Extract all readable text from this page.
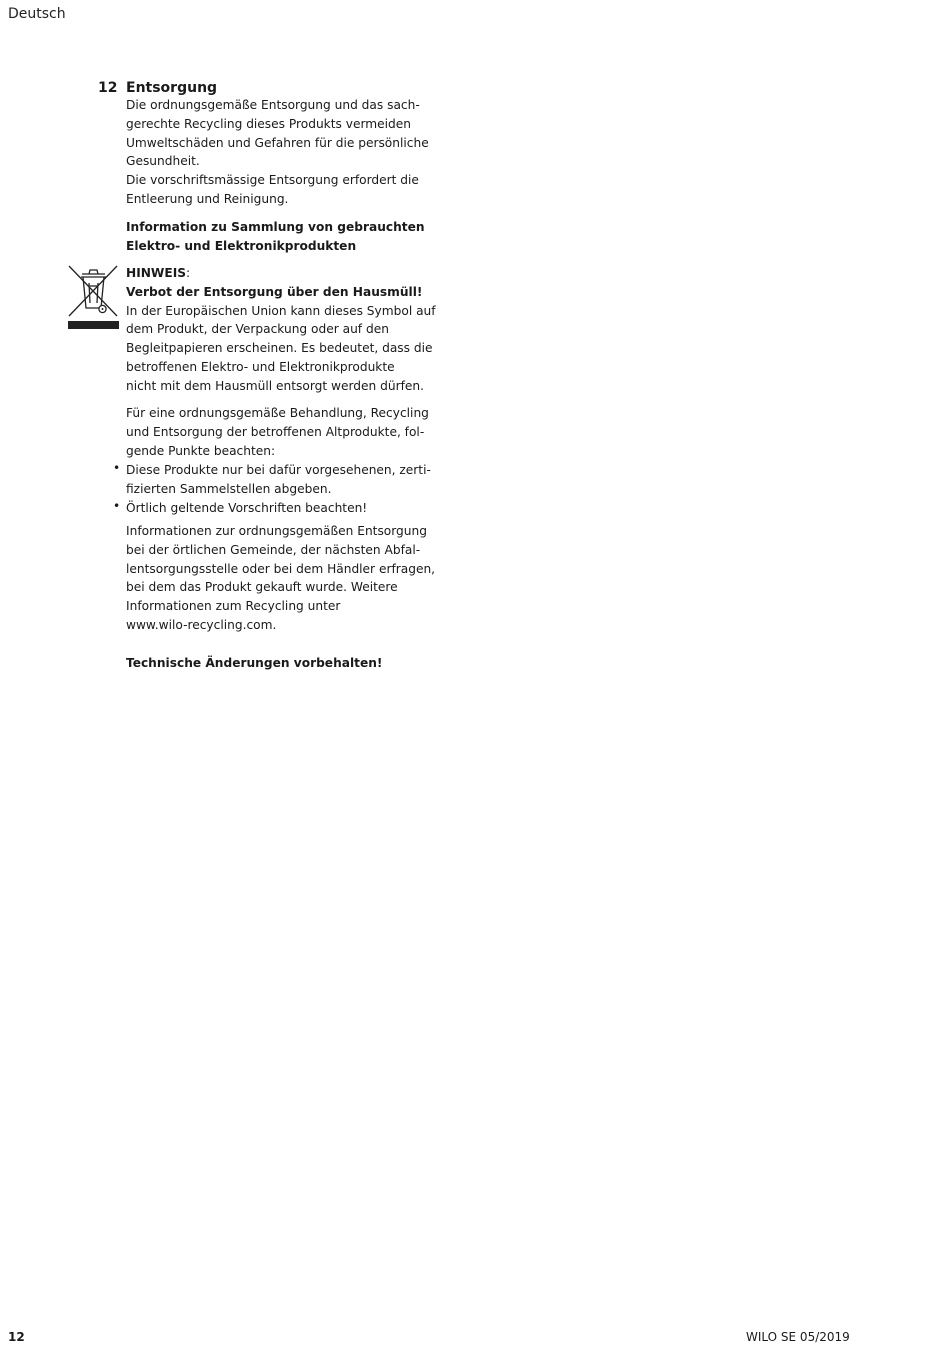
Deutsch
12 Entsorgung
Die ordnungsgemäße Entsorgung und das sach-
gerechte Recycling dieses Produkts vermeiden
Umweltschäden und Gefahren für die persönliche
Gesundheit.
Die vorschriftsmässige Entsorgung erfordert die
Entleerung und Reinigung.
Information zu Sammlung von gebrauchten
Elektro- und Elektronikprodukten
HINWEIS:
Verbot der Entsorgung über den Hausmüll!
In der Europäischen Union kann dieses Symbol auf
dem Produkt, der Verpackung oder auf den
Begleitpapieren erscheinen. Es bedeutet, dass die
betroffenen Elektro- und Elektronikprodukte
nicht mit dem Hausmüll entsorgt werden dürfen.
Für eine ordnungsgemäße Behandlung, Recycling
und Entsorgung der betroffenen Altprodukte, fol-
gende Punkte beachten:
• Diese Produkte nur bei dafür vorgesehenen, zerti-
fizierten Sammelstellen abgeben.
• Örtlich geltende Vorschriften beachten!
Informationen zur ordnungsgemäßen Entsorgung
bei der örtlichen Gemeinde, der nächsten Abfal-
lentsorgungsstelle oder bei dem Händler erfragen,
bei dem das Produkt gekauft wurde. Weitere
Informationen zum Recycling unter
www.wilo-recycling.com.
Technische Änderungen vorbehalten!
12	WILO SE 05/2019
